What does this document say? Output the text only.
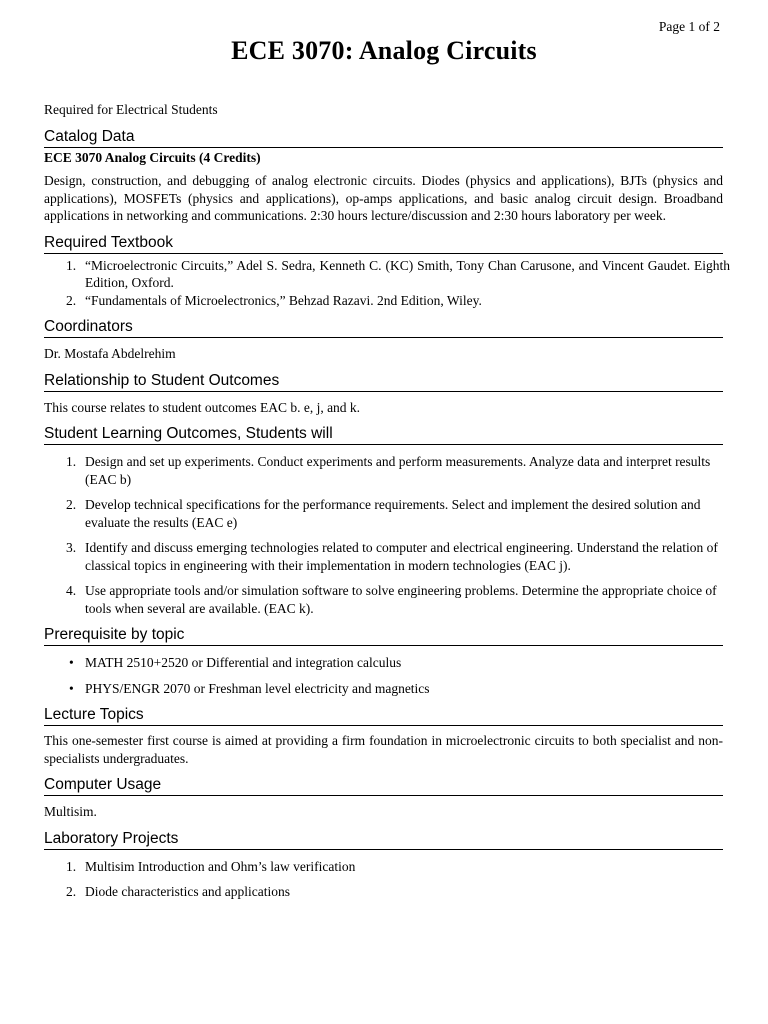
Page 1 of 2
ECE 3070: Analog Circuits
Required for Electrical Students
Catalog Data
ECE 3070 Analog Circuits (4 Credits)

Design, construction, and debugging of analog electronic circuits. Diodes (physics and applications), BJTs (physics and applications), MOSFETs (physics and applications), op-amps applications, and basic analog circuit design. Broadband applications in networking and communications. 2:30 hours lecture/discussion and 2:30 hours laboratory per week.

Required Textbook
1. “Microelectronic Circuits,” Adel S. Sedra, Kenneth C. (KC) Smith, Tony Chan Carusone, and Vincent Gaudet. Eighth Edition, Oxford.
2. “Fundamentals of Microelectronics,” Behzad Razavi. 2nd Edition, Wiley.
Coordinators

Dr. Mostafa Abdelrehim

Relationship to Student Outcomes

This course relates to student outcomes EAC b. e, j, and k.

Student Learning Outcomes, Students will
1. Design and set up experiments. Conduct experiments and perform measurements. Analyze data and interpret results (EAC b)
2. Develop technical specifications for the performance requirements. Select and implement the desired solution and evaluate the results (EAC e)
3. Identify and discuss emerging technologies related to computer and electrical engineering. Understand the relation of classical topics in engineering with their implementation in modern technologies (EAC j).
4. Use appropriate tools and/or simulation software to solve engineering problems. Determine the appropriate choice of tools when several are available. (EAC k).
Prerequisite by topic
• MATH 2510+2520 or Differential and integration calculus
• PHYS/ENGR 2070 or Freshman level electricity and magnetics
Lecture Topics

This one-semester first course is aimed at providing a firm foundation in microelectronic circuits to both specialist and non-specialists undergraduates.

Computer Usage

Multisim.

Laboratory Projects
1. Multisim Introduction and Ohm’s law verification
2. Diode characteristics and applications
